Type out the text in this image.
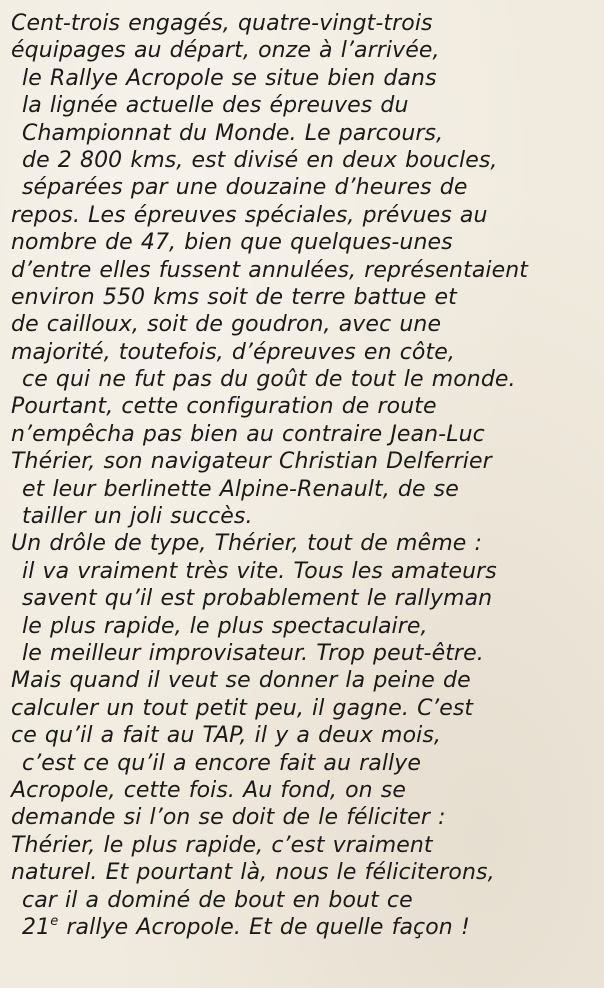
Cent-trois engagés, quatre-vingt-trois
équipages au départ, onze à l’arrivée,
le Rallye Acropole se situe bien dans
la lignée actuelle des épreuves du
Championnat du Monde. Le parcours,
de 2 800 kms, est divisé en deux boucles,
séparées par une douzaine d’heures de
repos. Les épreuves spéciales, prévues au
nombre de 47, bien que quelques-unes
d’entre elles fussent annulées, représentaient
environ 550 kms soit de terre battue et
de cailloux, soit de goudron, avec une
majorité, toutefois, d’épreuves en côte,
ce qui ne fut pas du goût de tout le monde.
Pourtant, cette configuration de route
n’empêcha pas bien au contraire Jean-Luc
Thérier, son navigateur Christian Delferrier
et leur berlinette Alpine-Renault, de se
tailler un joli succès.
Un drôle de type, Thérier, tout de même :
il va vraiment très vite. Tous les amateurs
savent qu’il est probablement le rallyman
le plus rapide, le plus spectaculaire,
le meilleur improvisateur. Trop peut-être.
Mais quand il veut se donner la peine de
calculer un tout petit peu, il gagne. C’est
ce qu’il a fait au TAP, il y a deux mois,
c’est ce qu’il a encore fait au rallye
Acropole, cette fois. Au fond, on se
demande si l’on se doit de le féliciter :
Thérier, le plus rapide, c’est vraiment
naturel. Et pourtant là, nous le féliciterons,
car il a dominé de bout en bout ce
21e rallye Acropole. Et de quelle façon !
